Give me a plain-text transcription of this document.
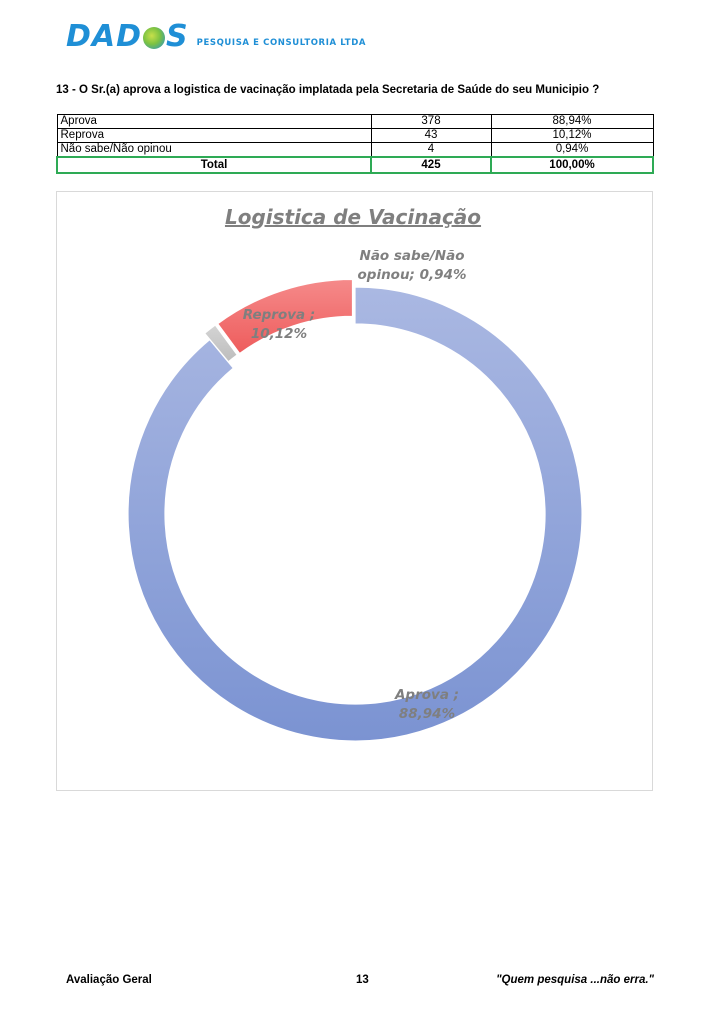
DAD S PESQUISA E CONSULTORIA LTDA
13 - O Sr.(a) aprova a logistica de vacinação implatada pela Secretaria de Saúde do seu Municipio ?
Aprova	378	88,94%
Reprova	43	10,12%
Não sabe/Não opinou	4	0,94%
Total	425	100,00%
Logistica de Vacinação
Aprova ; 88,94%
Não sabe/Não opinou; 0,94%
Reprova ; 10,12%
Avaliação Geral	13	"Quem pesquisa ...não erra."
